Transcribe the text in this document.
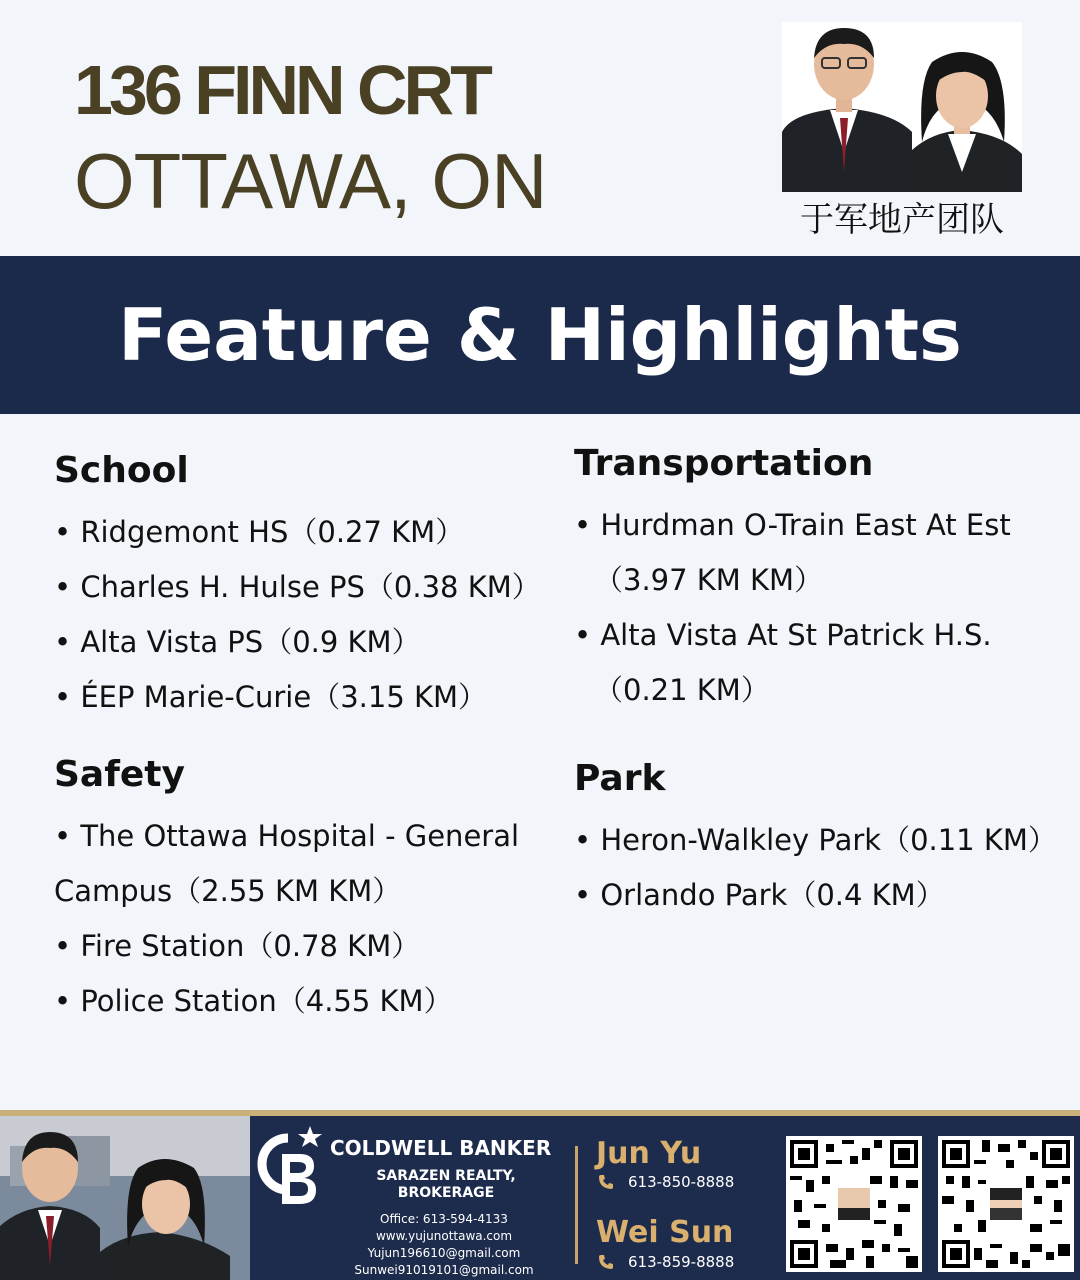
136 FINN CRT
OTTAWA, ON	于军地产团队
Feature & Highlights
School
• Ridgemont HS（0.27 KM）
• Charles H. Hulse PS（0.38 KM）
• Alta Vista PS（0.9 KM）
• ÉEP Marie-Curie（3.15 KM）
Safety
• The Ottawa Hospital - General
Campus（2.55 KM KM）
• Fire Station（0.78 KM）
• Police Station（4.55 KM）
Transportation
• Hurdman O-Train East At Est
（3.97 KM KM）
• Alta Vista At St Patrick H.S.
（0.21 KM）
Park
• Heron-Walkley Park（0.11 KM）
• Orlando Park（0.4 KM）
COLDWELL BANKER
SARAZEN REALTY,
BROKERAGE
Office: 613-594-4133
www.yujunottawa.com
Yujun196610@gmail.com
Sunwei91019101@gmail.com
Jun Yu
613-850-8888
Wei Sun
613-859-8888
